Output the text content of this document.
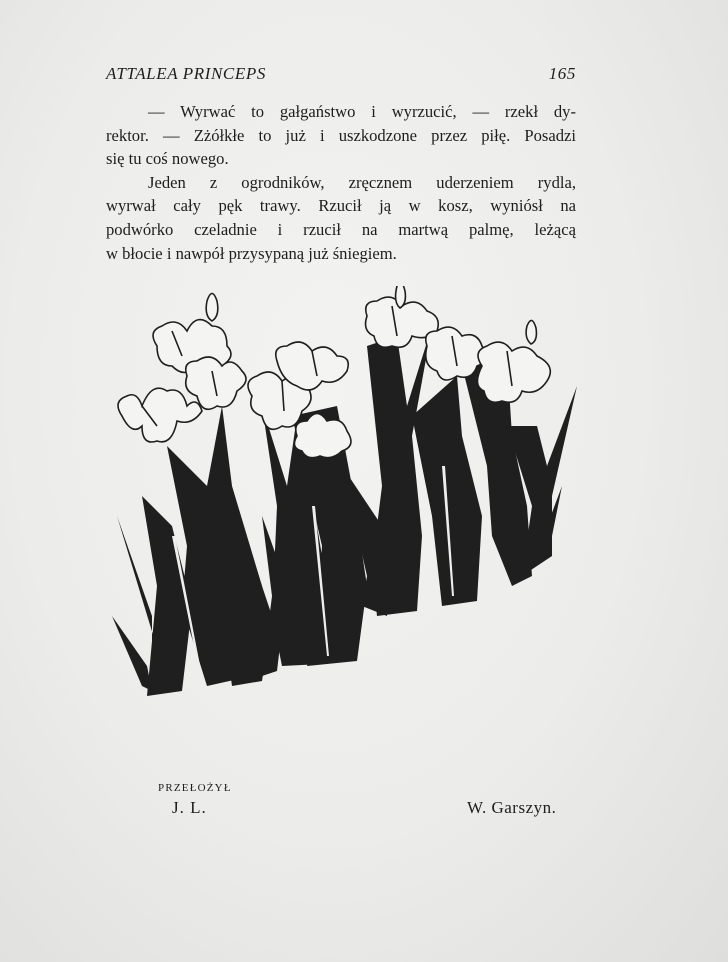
ATTALEA PRINCEPS	165
— Wyrwać to gałgaństwo i wyrzucić, — rzekł dy-
rektor. — Zżółkłe to już i uszkodzone przez piłę. Posadzi
się tu coś nowego.
Jeden z ogrodników, zręcznem uderzeniem rydla,
wyrwał cały pęk trawy. Rzucił ją w kosz, wyniósł na
podwórko czeladnie i rzucił na martwą palmę, leżącą
w błocie i nawpół przysypaną już śniegiem.
PRZEŁOŻYŁ
J. L.	W. Garszyn.
